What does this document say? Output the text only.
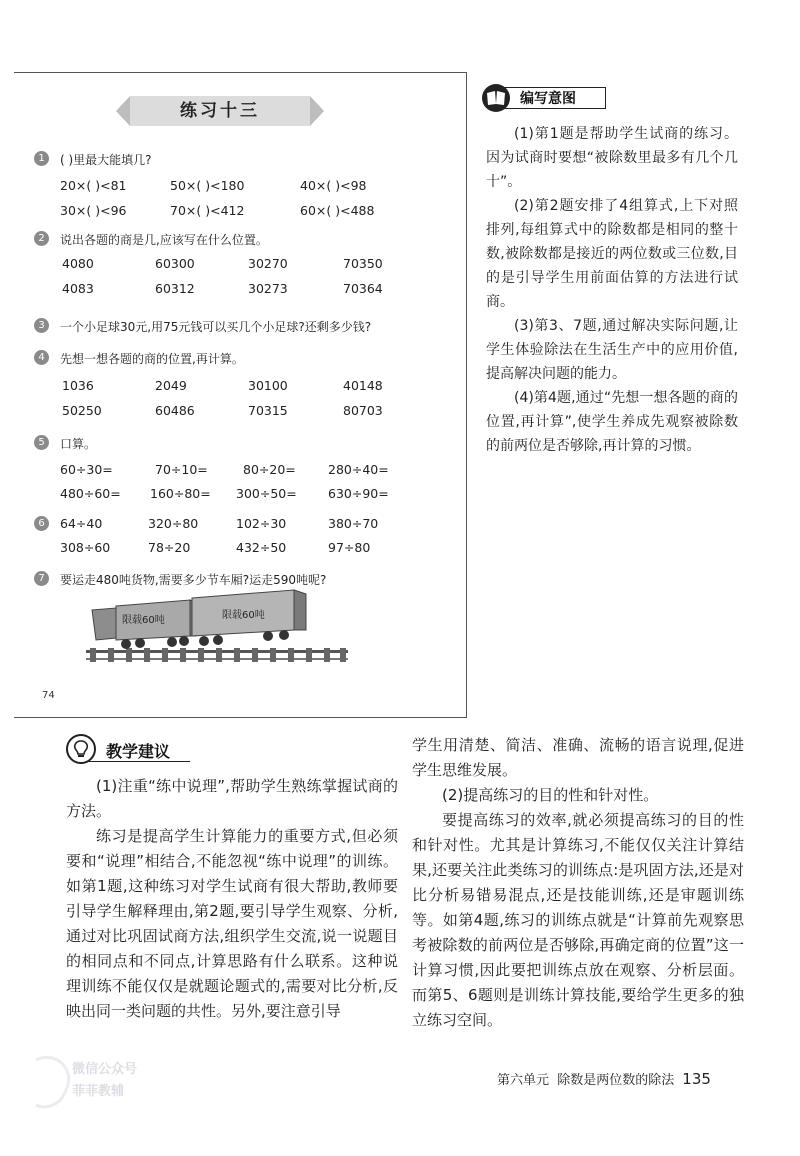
练习十三
1	( )里最大能填几?
20×( )<81	50×( )<180	40×( )<98
30×( )<96	70×( )<412	60×( )<488
2	说出各题的商是几,应该写在什么位置。
4080	60300	30270	70350
4083	60312	30273	70364
3	一个小足球30元,用75元钱可以买几个小足球?还剩多少钱?
4	先想一想各题的商的位置,再计算。
1036	2049	30100	40148
50250	60486	70315	80703
5	口算。
60÷30=	70÷10=	80÷20=	280÷40=
480÷60= 160÷80= 300÷50=	630÷90=
6	64÷40	320÷80	102÷30	380÷70
308÷60	78÷20	432÷50	97÷80
7	要运走480吨货物,需要多少节车厢?运走590吨呢?
限载60吨	限载60吨
74
编写意图
(1)第1题是帮助学生试商的练习。因为试商时要想“被除数里最多有几个几十”。
(2)第2题安排了4组算式,上下对照排列,每组算式中的除数都是相同的整十数,被除数都是接近的两位数或三位数,目的是引导学生用前面估算的方法进行试商。
(3)第3、7题,通过解决实际问题,让学生体验除法在生活生产中的应用价值,提高解决问题的能力。
(4)第4题,通过“先想一想各题的商的位置,再计算”,使学生养成先观察被除数的前两位是否够除,再计算的习惯。
教学建议
(1)注重“练中说理”,帮助学生熟练掌握试商的方法。
练习是提高学生计算能力的重要方式,但必须要和“说理”相结合,不能忽视“练中说理”的训练。如第1题,这种练习对学生试商有很大帮助,教师要引导学生解释理由,第2题,要引导学生观察、分析,通过对比巩固试商方法,组织学生交流,说一说题目的相同点和不同点,计算思路有什么联系。这种说理训练不能仅仅是就题论题式的,需要对比分析,反映出同一类问题的共性。另外,要注意引导
学生用清楚、简洁、准确、流畅的语言说理,促进学生思维发展。
(2)提高练习的目的性和针对性。
要提高练习的效率,就必须提高练习的目的性和针对性。尤其是计算练习,不能仅仅关注计算结果,还要关注此类练习的训练点:是巩固方法,还是对比分析易错易混点,还是技能训练,还是审题训练等。如第4题,练习的训练点就是“计算前先观察思考被除数的前两位是否够除,再确定商的位置”这一计算习惯,因此要把训练点放在观察、分析层面。而第5、6题则是训练计算技能,要给学生更多的独立练习空间。
第六单元 除数是两位数的除法 135
微信公众号
菲菲教辅
